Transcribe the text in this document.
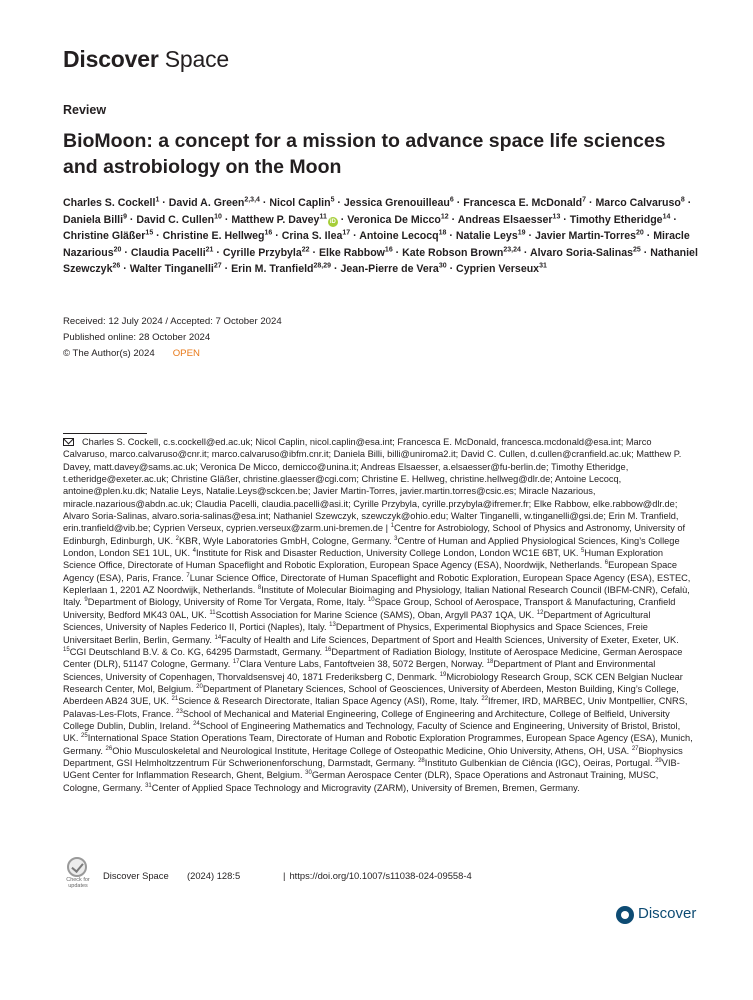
Discover Space
Review
BioMoon: a concept for a mission to advance space life sciences and astrobiology on the Moon
Charles S. Cockell$^1$ · David A. Green$^{2,3,4}$ · Nicol Caplin$^5$ · Jessica Grenouilleau$^6$ · Francesca E. McDonald$^7$ · Marco Calvaruso$^8$ · Daniela Billi$^9$ · David C. Cullen$^{10}$ · Matthew P. Davey$^{11}$iD · Veronica De Micco$^{12}$ · Andreas Elsaesser$^{13}$ · Timothy Etheridge$^{14}$ · Christine Gläßer$^{15}$ · Christine E. Hellweg$^{16}$ · Crina S. Ilea$^{17}$ · Antoine Lecocq$^{18}$ · Natalie Leys$^{19}$ · Javier Martin-Torres$^{20}$ · Miracle Nazarious$^{20}$ · Claudia Pacelli$^{21}$ · Cyrille Przybyla$^{22}$ · Elke Rabbow$^{16}$ · Kate Robson Brown$^{23,24}$ · Alvaro Soria-Salinas$^{25}$ · Nathaniel Szewczyk$^{26}$ · Walter Tinganelli$^{27}$ · Erin M. Tranfield$^{28,29}$ · Jean-Pierre de Vera$^{30}$ · Cyprien Verseux$^{31}$
Received: 12 July 2024 / Accepted: 7 October 2024
Published online: 28 October 2024
© The Author(s) 2024 OPEN
Charles S. Cockell, c.s.cockell@ed.ac.uk; Nicol Caplin, nicol.caplin@esa.int; Francesca E. McDonald, francesca.mcdonald@esa.int; Marco Calvaruso, marco.calvaruso@cnr.it; marco.calvaruso@ibfm.cnr.it; Daniela Billi, billi@uniroma2.it; David C. Cullen, d.cullen@cranfield.ac.uk; Matthew P. Davey, matt.davey@sams.ac.uk; Veronica De Micco, demicco@unina.it; Andreas Elsaesser, a.elsaesser@fu-berlin.de; Timothy Etheridge, t.etheridge@exeter.ac.uk; Christine Gläßer, christine.glaesser@cgi.com; Christine E. Hellweg, christine.hellweg@dlr.de; Antoine Lecocq, antoine@plen.ku.dk; Natalie Leys, Natalie.Leys@sckcen.be; Javier Martin-Torres, javier.martin.torres@csic.es; Miracle Nazarious, miracle.nazarious@abdn.ac.uk; Claudia Pacelli, claudia.pacelli@asi.it; Cyrille Przybyla, cyrille.przybyla@ifremer.fr; Elke Rabbow, elke.rabbow@dlr.de; Alvaro Soria-Salinas, alvaro.soria-salinas@esa.int; Nathaniel Szewczyk, szewczyk@ohio.edu; Walter Tinganelli, w.tinganelli@gsi.de; Erin M. Tranfield, erin.tranfield@vib.be; Cyprien Verseux, cyprien.verseux@zarm.uni-bremen.de | $^1$Centre for Astrobiology, School of Physics and Astronomy, University of Edinburgh, Edinburgh, UK. $^2$KBR, Wyle Laboratories GmbH, Cologne, Germany. $^3$Centre of Human and Applied Physiological Sciences, King’s College London, London SE1 1UL, UK. $^4$Institute for Risk and Disaster Reduction, University College London, London WC1E 6BT, UK. $^5$Human Exploration Science Office, Directorate of Human Spaceflight and Robotic Exploration, European Space Agency (ESA), Noordwijk, Netherlands. $^6$European Space Agency (ESA), Paris, France. $^7$Lunar Science Office, Directorate of Human Spaceflight and Robotic Exploration, European Space Agency (ESA), ESTEC, Keplerlaan 1, 2201 AZ Noordwijk, Netherlands. $^8$Institute of Molecular Bioimaging and Physiology, Italian National Research Council (IBFM-CNR), Cefalù, Italy. $^9$Department of Biology, University of Rome Tor Vergata, Rome, Italy. $^{10}$Space Group, School of Aerospace, Transport & Manufacturing, Cranfield University, Bedford MK43 0AL, UK. $^{11}$Scottish Association for Marine Science (SAMS), Oban, Argyll PA37 1QA, UK. $^{12}$Department of Agricultural Sciences, University of Naples Federico II, Portici (Naples), Italy. $^{13}$Department of Physics, Experimental Biophysics and Space Sciences, Freie Universitaet Berlin, Berlin, Germany. $^{14}$Faculty of Health and Life Sciences, Department of Sport and Health Sciences, University of Exeter, Exeter, UK. $^{15}$CGI Deutschland B.V. & Co. KG, 64295 Darmstadt, Germany. $^{16}$Department of Radiation Biology, Institute of Aerospace Medicine, German Aerospace Center (DLR), 51147 Cologne, Germany. $^{17}$Clara Venture Labs, Fantoftveien 38, 5072 Bergen, Norway. $^{18}$Department of Plant and Environmental Sciences, University of Copenhagen, Thorvaldsensvej 40, 1871 Frederiksberg C, Denmark. $^{19}$Microbiology Research Group, SCK CEN Belgian Nuclear Research Center, Mol, Belgium. $^{20}$Department of Planetary Sciences, School of Geosciences, University of Aberdeen, Meston Building, King’s College, Aberdeen AB24 3UE, UK. $^{21}$Science & Research Directorate, Italian Space Agency (ASI), Rome, Italy. $^{22}$Ifremer, IRD, MARBEC, Univ Montpellier, CNRS, Palavas-Les-Flots, France. $^{23}$School of Mechanical and Material Engineering, College of Engineering and Architecture, College of Belfield, University College Dublin, Dublin, Ireland. $^{24}$School of Engineering Mathematics and Technology, Faculty of Science and Engineering, University of Bristol, Bristol, UK. $^{25}$International Space Station Operations Team, Directorate of Human and Robotic Exploration Programmes, European Space Agency (ESA), Munich, Germany. $^{26}$Ohio Musculoskeletal and Neurological Institute, Heritage College of Osteopathic Medicine, Ohio University, Athens, OH, USA. $^{27}$Biophysics Department, GSI Helmholtzzentrum Für Schwerionenforschung, Darmstadt, Germany. $^{28}$Instituto Gulbenkian de Ciência (IGC), Oeiras, Portugal. $^{29}$VIB-UGent Center for Inflammation Research, Ghent, Belgium. $^{30}$German Aerospace Center (DLR), Space Operations and Astronaut Training, MUSC, Cologne, Germany. $^{31}$Center of Applied Space Technology and Microgravity (ZARM), University of Bremen, Bremen, Germany.
Check for updates
Discover Space (2024) 128:5	| https://doi.org/10.1007/s11038-024-09558-4
Discover
